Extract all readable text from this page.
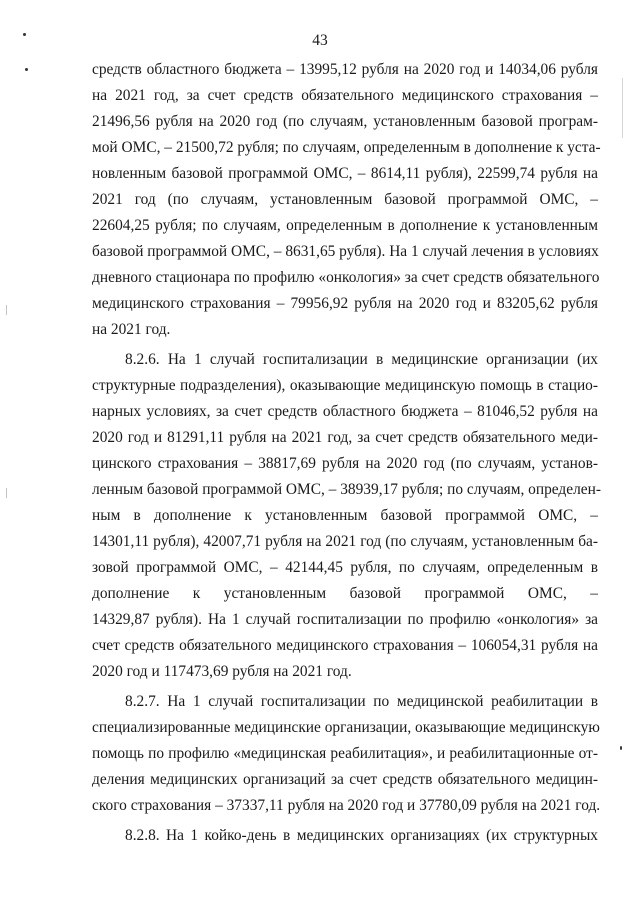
43
средств областного бюджета – 13995,12 рубля на 2020 год и 14034,06 рубля
на 2021 год, за счет средств обязательного медицинского страхования –
21496,56 рубля на 2020 год (по случаям, установленным базовой програм-
мой ОМС, – 21500,72 рубля; по случаям, определенным в дополнение к уста-
новленным базовой программой ОМС, – 8614,11 рубля), 22599,74 рубля на
2021 год (по случаям, установленным базовой программой ОМС, –
22604,25 рубля; по случаям, определенным в дополнение к установленным
базовой программой ОМС, – 8631,65 рубля). На 1 случай лечения в условиях
дневного стационара по профилю «онкология» за счет средств обязательного
медицинского страхования – 79956,92 рубля на 2020 год и 83205,62 рубля
на 2021 год.
8.2.6. На 1 случай госпитализации в медицинские организации (их
структурные подразделения), оказывающие медицинскую помощь в стацио-
нарных условиях, за счет средств областного бюджета – 81046,52 рубля на
2020 год и 81291,11 рубля на 2021 год, за счет средств обязательного меди-
цинского страхования – 38817,69 рубля на 2020 год (по случаям, установ-
ленным базовой программой ОМС, – 38939,17 рубля; по случаям, определен-
ным в дополнение к установленным базовой программой ОМС, –
14301,11 рубля), 42007,71 рубля на 2021 год (по случаям, установленным ба-
зовой программой ОМС, – 42144,45 рубля, по случаям, определенным в
дополнение к установленным базовой программой ОМС, –
14329,87 рубля). На 1 случай госпитализации по профилю «онкология» за
счет средств обязательного медицинского страхования – 106054,31 рубля на
2020 год и 117473,69 рубля на 2021 год.
8.2.7. На 1 случай госпитализации по медицинской реабилитации в
специализированные медицинские организации, оказывающие медицинскую
помощь по профилю «медицинская реабилитация», и реабилитационные от-
деления медицинских организаций за счет средств обязательного медицин-
ского страхования – 37337,11 рубля на 2020 год и 37780,09 рубля на 2021 год.
8.2.8. На 1 койко-день в медицинских организациях (их структурных
